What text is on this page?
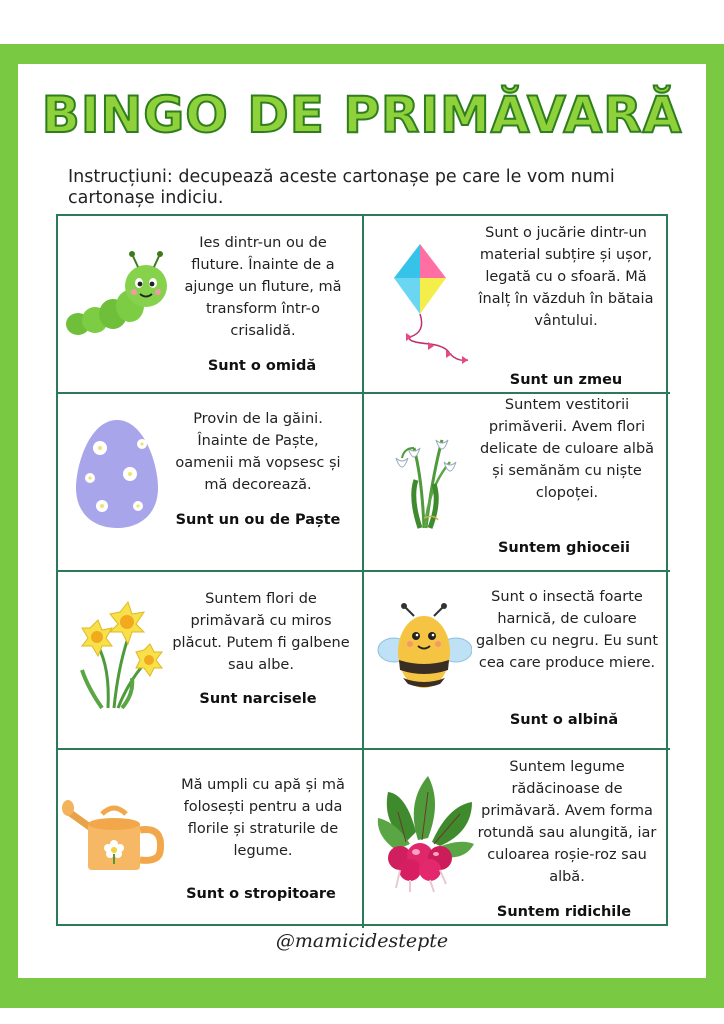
BINGO DE PRIMĂVARĂ
Instrucțiuni: decupează aceste cartonașe pe care le vom numi cartonașe indiciu.
Ies dintr-un ou de fluture. Înainte de a ajunge un fluture, mă transform într-o crisalidă.
Sunt o omidă
Sunt o jucărie dintr-un material subțire și ușor, legată cu o sfoară. Mă înalț în văzduh în bătaia vântului.
Sunt un zmeu
Provin de la găini. Înainte de Paște, oamenii mă vopsesc și mă decorează.
Sunt un ou de Paște
Suntem vestitorii primăverii. Avem flori delicate de culoare albă și semănăm cu niște clopoței.
Suntem ghioceii
Suntem flori de primăvară cu miros plăcut. Putem fi galbene sau albe.
Sunt narcisele
Sunt o insectă foarte harnică, de culoare galben cu negru. Eu sunt cea care produce miere.
Sunt o albină
Mă umpli cu apă și mă folosești pentru a uda florile și straturile de legume.
Sunt o stropitoare
Suntem legume rădăcinoase de primăvară. Avem forma rotundă sau alungită, iar culoarea roșie-roz sau albă.
Suntem ridichile
@mamicidestepte
